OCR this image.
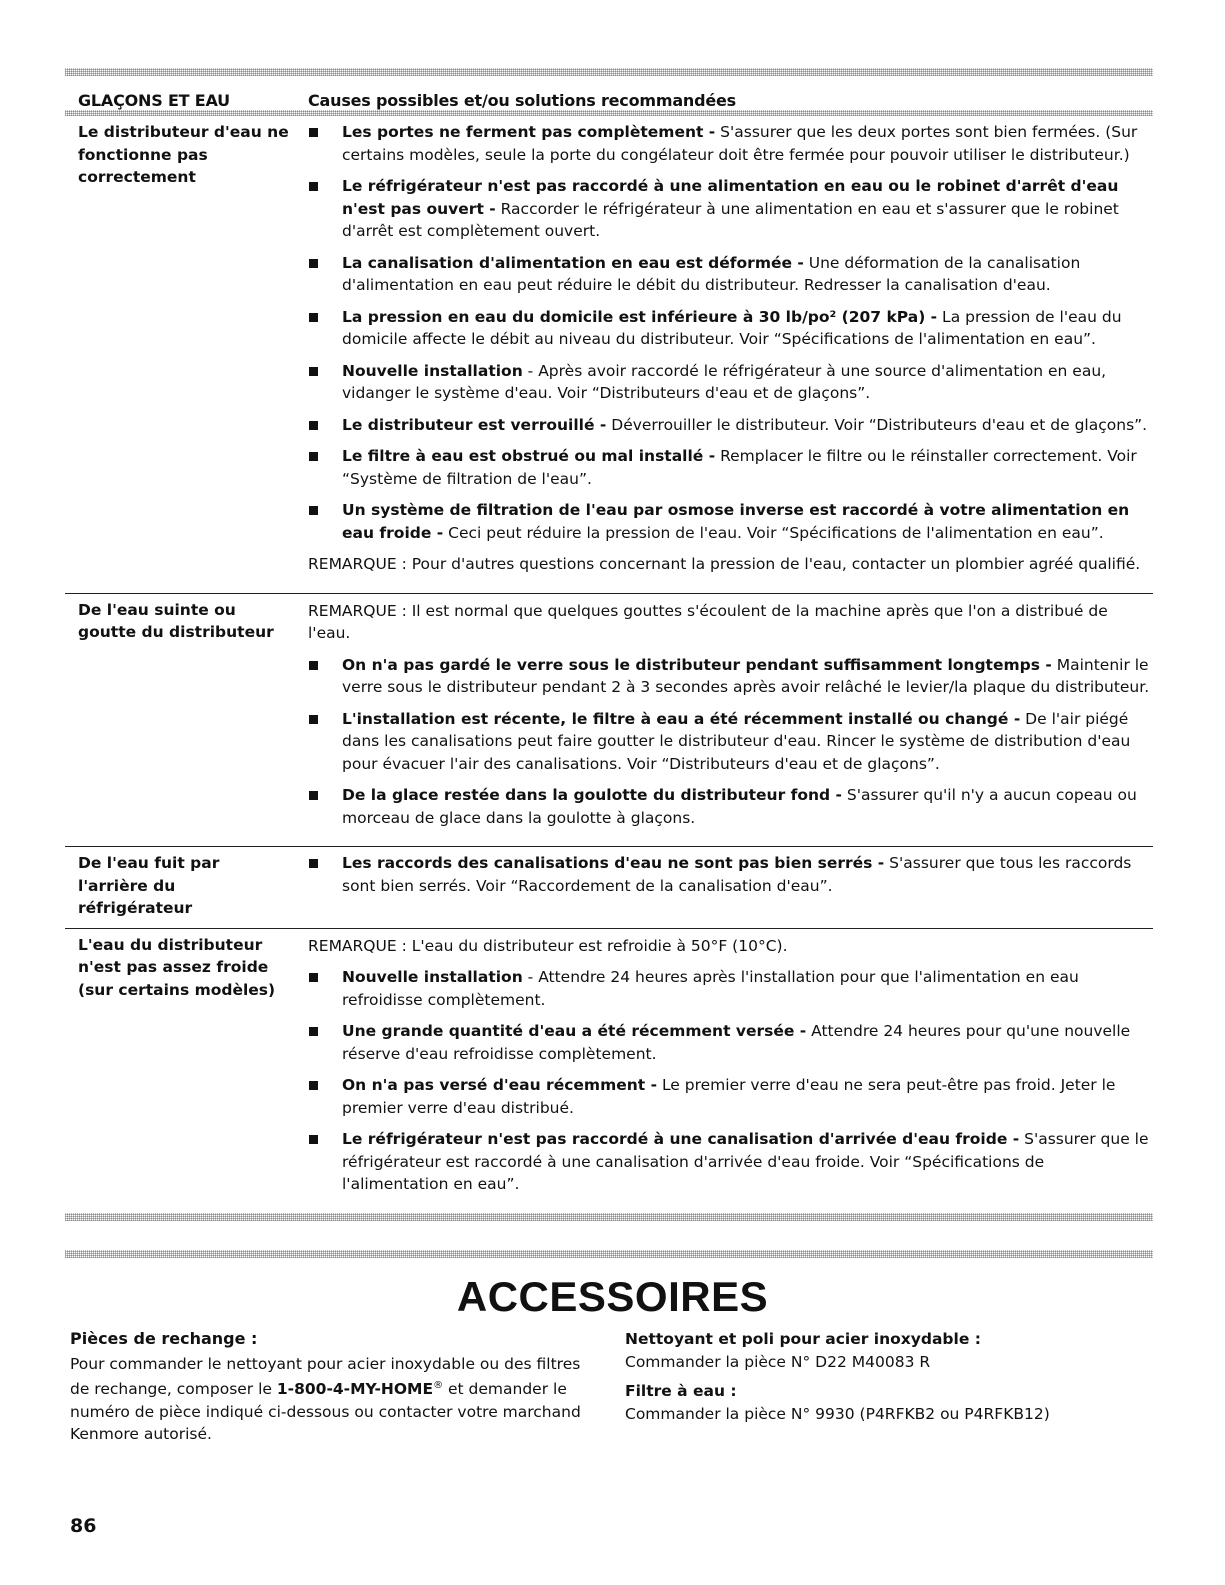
GLAÇONS ET EAU	Causes possibles et/ou solutions recommandées
Le distributeur d'eau ne fonctionne pas correctement
Les portes ne ferment pas complètement - S'assurer que les deux portes sont bien fermées. (Sur certains modèles, seule la porte du congélateur doit être fermée pour pouvoir utiliser le distributeur.)
Le réfrigérateur n'est pas raccordé à une alimentation en eau ou le robinet d'arrêt d'eau n'est pas ouvert - Raccorder le réfrigérateur à une alimentation en eau et s'assurer que le robinet d'arrêt est complètement ouvert.
La canalisation d'alimentation en eau est déformée - Une déformation de la canalisation d'alimentation en eau peut réduire le débit du distributeur. Redresser la canalisation d'eau.
La pression en eau du domicile est inférieure à 30 lb/po² (207 kPa) - La pression de l'eau du domicile affecte le débit au niveau du distributeur. Voir “Spécifications de l'alimentation en eau”.
Nouvelle installation - Après avoir raccordé le réfrigérateur à une source d'alimentation en eau, vidanger le système d'eau. Voir “Distributeurs d'eau et de glaçons”.
Le distributeur est verrouillé - Déverrouiller le distributeur. Voir “Distributeurs d'eau et de glaçons”.
Le filtre à eau est obstrué ou mal installé - Remplacer le filtre ou le réinstaller correctement. Voir “Système de filtration de l'eau”.
Un système de filtration de l'eau par osmose inverse est raccordé à votre alimentation en eau froide - Ceci peut réduire la pression de l'eau. Voir “Spécifications de l'alimentation en eau”.
REMARQUE : Pour d'autres questions concernant la pression de l'eau, contacter un plombier agréé qualifié.
De l'eau suinte ou goutte du distributeur
REMARQUE : Il est normal que quelques gouttes s'écoulent de la machine après que l'on a distribué de l'eau.
On n'a pas gardé le verre sous le distributeur pendant suffisamment longtemps - Maintenir le verre sous le distributeur pendant 2 à 3 secondes après avoir relâché le levier/la plaque du distributeur.
L'installation est récente, le filtre à eau a été récemment installé ou changé - De l'air piégé dans les canalisations peut faire goutter le distributeur d'eau. Rincer le système de distribution d'eau pour évacuer l'air des canalisations. Voir “Distributeurs d'eau et de glaçons”.
De la glace restée dans la goulotte du distributeur fond - S'assurer qu'il n'y a aucun copeau ou morceau de glace dans la goulotte à glaçons.
De l'eau fuit par l'arrière du réfrigérateur
Les raccords des canalisations d'eau ne sont pas bien serrés - S'assurer que tous les raccords sont bien serrés. Voir “Raccordement de la canalisation d'eau”.
L'eau du distributeur n'est pas assez froide (sur certains modèles)
REMARQUE : L'eau du distributeur est refroidie à 50°F (10°C).
Nouvelle installation - Attendre 24 heures après l'installation pour que l'alimentation en eau refroidisse complètement.
Une grande quantité d'eau a été récemment versée - Attendre 24 heures pour qu'une nouvelle réserve d'eau refroidisse complètement.
On n'a pas versé d'eau récemment - Le premier verre d'eau ne sera peut-être pas froid. Jeter le premier verre d'eau distribué.
Le réfrigérateur n'est pas raccordé à une canalisation d'arrivée d'eau froide - S'assurer que le réfrigérateur est raccordé à une canalisation d'arrivée d'eau froide. Voir “Spécifications de l'alimentation en eau”.
ACCESSOIRES
Pièces de rechange :
Pour commander le nettoyant pour acier inoxydable ou des filtres de rechange, composer le 1-800-4-MY-HOME® et demander le numéro de pièce indiqué ci-dessous ou contacter votre marchand Kenmore autorisé.
Nettoyant et poli pour acier inoxydable :
Commander la pièce N° D22 M40083 R
Filtre à eau :
Commander la pièce N° 9930 (P4RFKB2 ou P4RFKB12)
86
